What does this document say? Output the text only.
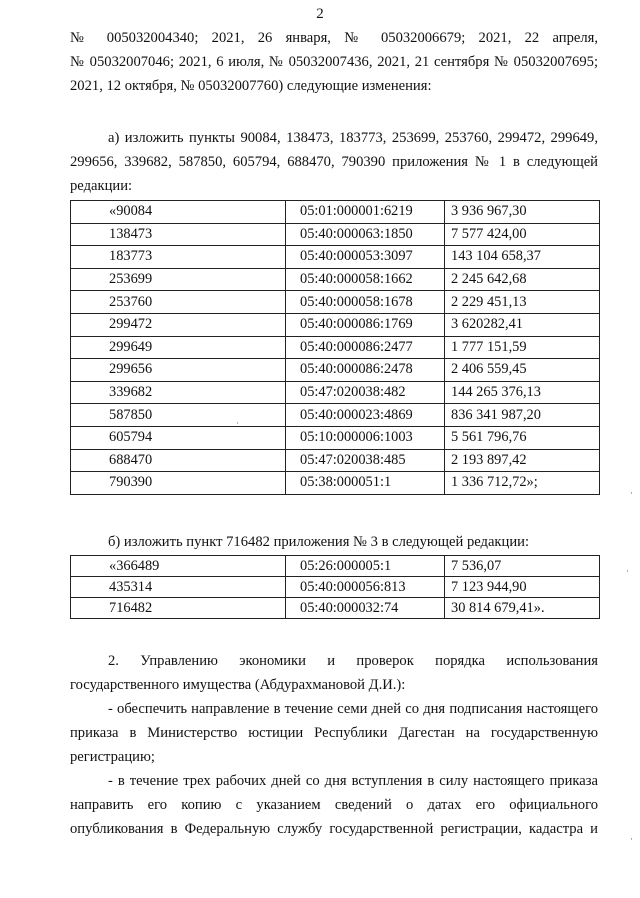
2
№ 005032004340; 2021, 26 января, № 05032006679; 2021, 22 апреля,
№ 05032007046; 2021, 6 июля, № 05032007436, 2021, 21 сентября № 05032007695;
2021, 12 октября, № 05032007760) следующие изменения:
а) изложить пункты 90084, 138473, 183773, 253699, 253760, 299472, 299649,
299656, 339682, 587850, 605794, 688470, 790390 приложения № 1 в следующей
редакции:
«90084	05:01:000001:6219	3 936 967,30
138473	05:40:000063:1850	7 577 424,00
183773	05:40:000053:3097	143 104 658,37
253699	05:40:000058:1662	2 245 642,68
253760	05:40:000058:1678	2 229 451,13
299472	05:40:000086:1769	3 620282,41
299649	05:40:000086:2477	1 777 151,59
299656	05:40:000086:2478	2 406 559,45
339682	05:47:020038:482	144 265 376,13
587850	05:40:000023:4869	836 341 987,20
605794	05:10:000006:1003	5 561 796,76
688470	05:47:020038:485	2 193 897,42
790390	05:38:000051:1	1 336 712,72»;
б) изложить пункт 716482 приложения № 3 в следующей редакции:
«366489	05:26:000005:1	7 536,07
435314	05:40:000056:813	7 123 944,90
716482	05:40:000032:74	30 814 679,41».
2. Управлению экономики и проверок порядка использования
государственного имущества (Абдурахмановой Д.И.):
- обеспечить направление в течение семи дней со дня подписания настоящего
приказа в Министерство юстиции Республики Дагестан на государственную
регистрацию;
- в течение трех рабочих дней со дня вступления в силу настоящего приказа
направить его копию с указанием сведений о датах его официального
опубликования в Федеральную службу государственной регистрации, кадастра и
·
·
·
·
